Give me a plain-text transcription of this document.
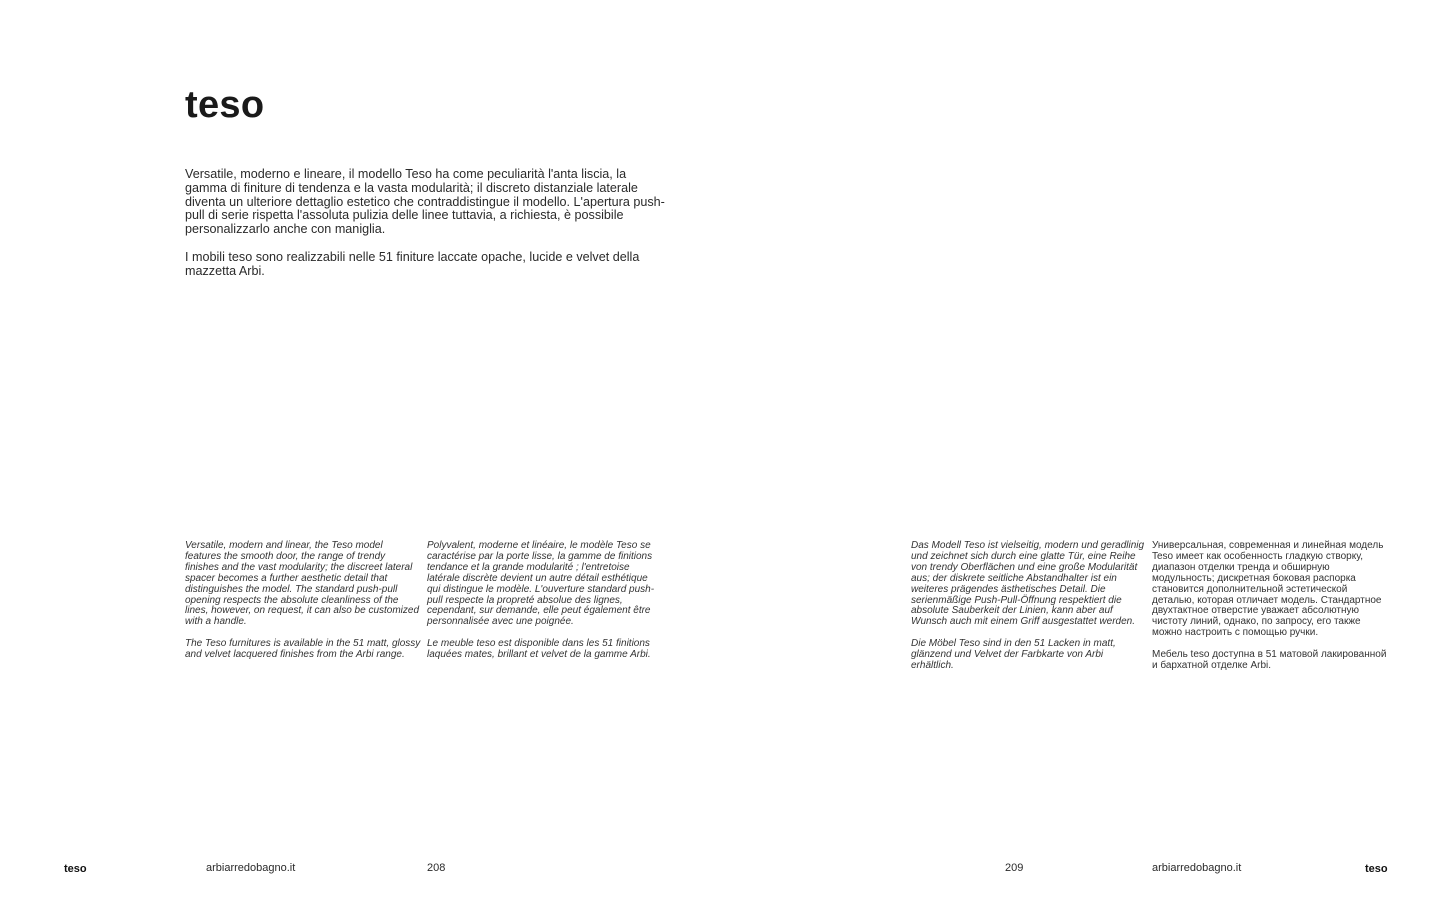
teso

Versatile, moderno e lineare, il modello Teso ha come peculiarità l'anta liscia, la gamma di finiture di tendenza e la vasta modularità; il discreto distanziale laterale diventa un ulteriore dettaglio estetico che contraddistingue il modello. L'apertura push-pull di serie rispetta l'assoluta pulizia delle linee tuttavia, a richiesta, è possibile personalizzarlo anche con maniglia.

I mobili teso sono realizzabili nelle 51 finiture laccate opache, lucide e velvet della mazzetta Arbi.

Versatile, modern and linear, the Teso model features the smooth door, the range of trendy finishes and the vast modularity; the discreet lateral spacer becomes a further aesthetic detail that distinguishes the model. The standard push-pull opening respects the absolute cleanliness of the lines, however, on request, it can also be customized with a handle.

The Teso furnitures is available in the 51 matt, glossy and velvet lacquered finishes from the Arbi range.

Polyvalent, moderne et linéaire, le modèle Teso se caractérise par la porte lisse, la gamme de finitions tendance et la grande modularité ; l'entretoise latérale discrète devient un autre détail esthétique qui distingue le modèle. L'ouverture standard push-pull respecte la propreté absolue des lignes, cependant, sur demande, elle peut également être personnalisée avec une poignée.

Le meuble teso est disponible dans les 51 finitions laquées mates, brillant et velvet de la gamme Arbi.

Das Modell Teso ist vielseitig, modern und geradlinig und zeichnet sich durch eine glatte Tür, eine Reihe von trendy Oberflächen und eine große Modularität aus; der diskrete seitliche Abstandhalter ist ein weiteres prägendes ästhetisches Detail. Die serienmäßige Push-Pull-Öffnung respektiert die absolute Sauberkeit der Linien, kann aber auf Wunsch auch mit einem Griff ausgestattet werden.

Die Möbel Teso sind in den 51 Lacken in matt, glänzend und Velvet der Farbkarte von Arbi erhältlich.

Универсальная, современная и линейная модель Teso имеет как особенность гладкую створку, диапазон отделки тренда и обширную модульность; дискретная боковая распорка становится дополнительной эстетической деталью, которая отличает модель. Стандартное двухтактное отверстие уважает абсолютную чистоту линий, однако, по запросу, его также можно настроить с помощью ручки.

Мебель teso доступна в 51 матовой лакированной и бархатной отделке Arbi.

teso	arbiarredobagno.it	208	209	arbiarredobagno.it	teso
